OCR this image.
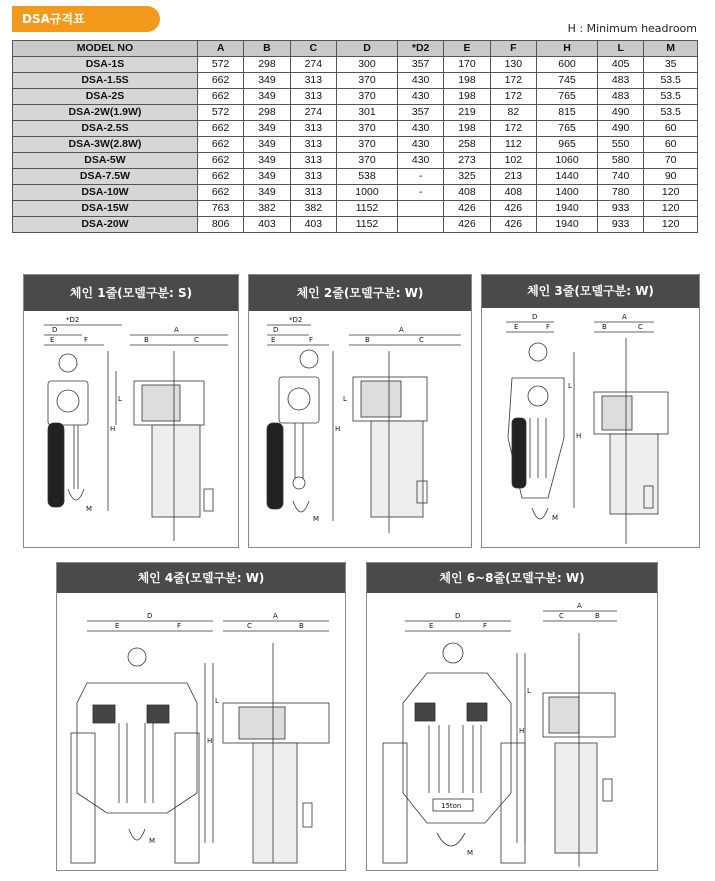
DSA규격표
H : Minimum headroom
MODEL NO	A	B	C	D	*D2	E	F	H	L	M
DSA-1S	572	298	274	300	357	170	130	600	405	35
DSA-1.5S	662	349	313	370	430	198	172	745	483	53.5
DSA-2S	662	349	313	370	430	198	172	765	483	53.5
DSA-2W(1.9W)	572	298	274	301	357	219	82	815	490	53.5
DSA-2.5S	662	349	313	370	430	198	172	765	490	60
DSA-3W(2.8W)	662	349	313	370	430	258	112	965	550	60
DSA-5W	662	349	313	370	430	273	102	1060	580	70
DSA-7.5W	662	349	313	538	-	325	213	1440	740	90
DSA-10W	662	349	313	1000	-	408	408	1400	780	120
DSA-15W	763	382	382	1152		426	426	1940	933	120
DSA-20W	806	403	403	1152		426	426	1940	933	120
체인 1줄(모델구분: S)
*D2
D
E	F
A
B	C
H
L
M
체인 2줄(모델구분: W)
*D2
D
E	F
A
B	C
H
L
M
체인 3줄(모델구분: W)
D
E	F
A
B	C
H
L
M
체인 4줄(모델구분: W)
D
E	F
A
C	B
H
L
M
체인 6~8줄(모델구분: W)
D
E	F
A
C	B
H
L
M
15ton
